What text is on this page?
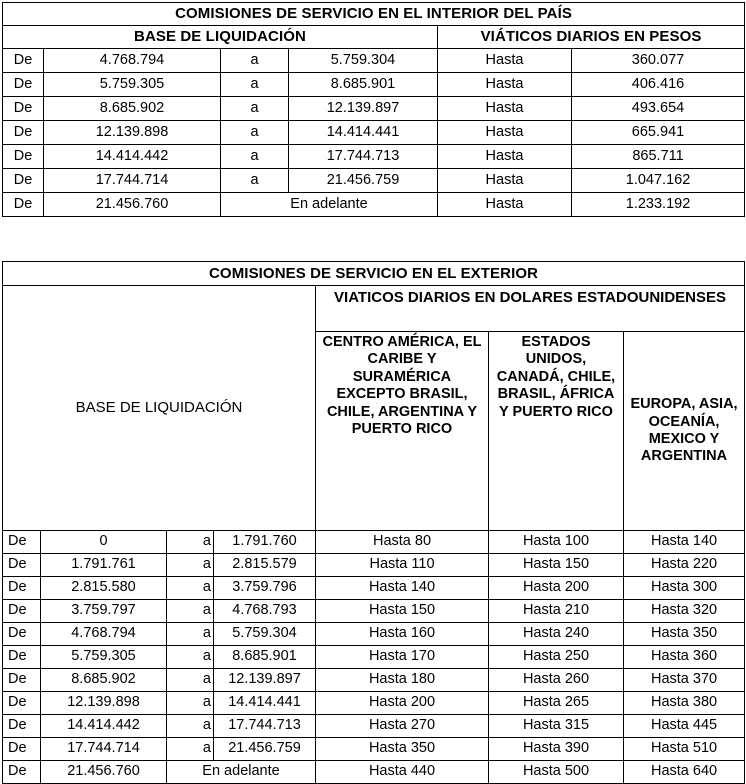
COMISIONES DE SERVICIO EN EL INTERIOR DEL PAÍS					
BASE DE LIQUIDACIÓN				VIÁTICOS DIARIOS EN PESOS	
De	4.768.794	a	5.759.304	Hasta	360.077
De	5.759.305	a	8.685.901	Hasta	406.416
De	8.685.902	a	12.139.897	Hasta	493.654
De	12.139.898	a	14.414.441	Hasta	665.941
De	14.414.442	a	17.744.713	Hasta	865.711
De	17.744.714	a	21.456.759	Hasta	1.047.162
De	21.456.760	En adelante		Hasta	1.233.192
COMISIONES DE SERVICIO EN EL EXTERIOR						
BASE DE LIQUIDACIÓN				VIATICOS DIARIOS EN DOLARES ESTADOUNIDENSES		
				CENTRO AMÉRICA, EL CARIBE Y SURAMÉRICA EXCEPTO BRASIL, CHILE, ARGENTINA Y PUERTO RICO	ESTADOS UNIDOS, CANADÁ, CHILE, BRASIL, ÁFRICA Y PUERTO RICO	EUROPA, ASIA, OCEANÍA, MEXICO Y ARGENTINA
De	0	a	1.791.760	Hasta 80	Hasta 100	Hasta 140
De	1.791.761	a	2.815.579	Hasta 110	Hasta 150	Hasta 220
De	2.815.580	a	3.759.796	Hasta 140	Hasta 200	Hasta 300
De	3.759.797	a	4.768.793	Hasta 150	Hasta 210	Hasta 320
De	4.768.794	a	5.759.304	Hasta 160	Hasta 240	Hasta 350
De	5.759.305	a	8.685.901	Hasta 170	Hasta 250	Hasta 360
De	8.685.902	a	12.139.897	Hasta 180	Hasta 260	Hasta 370
De	12.139.898	a	14.414.441	Hasta 200	Hasta 265	Hasta 380
De	14.414.442	a	17.744.713	Hasta 270	Hasta 315	Hasta 445
De	17.744.714	a	21.456.759	Hasta 350	Hasta 390	Hasta 510
De	21.456.760	En adelante		Hasta 440	Hasta 500	Hasta 640
